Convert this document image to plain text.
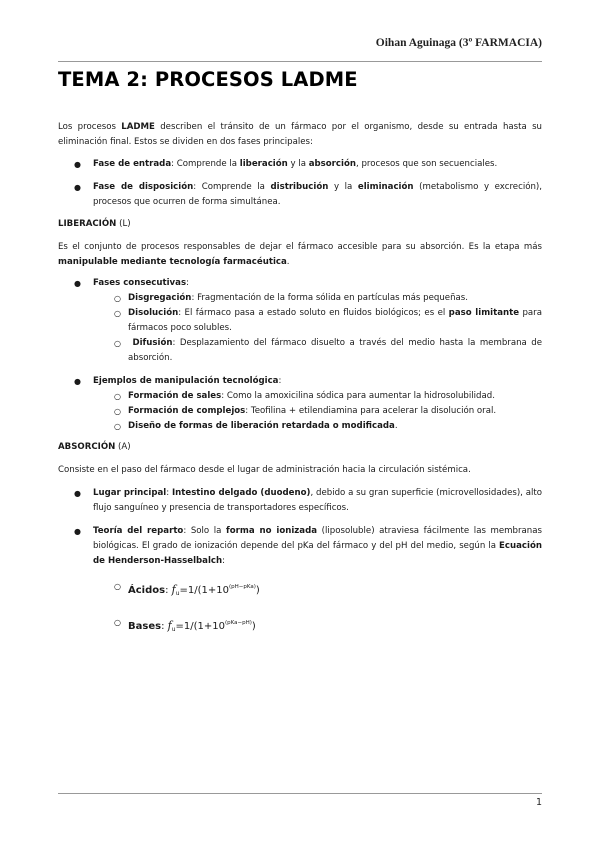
Oihan Aguinaga (3º FARMACIA)
TEMA 2: PROCESOS LADME

Los procesos LADME describen el tránsito de un fármaco por el organismo, desde su entrada hasta su eliminación final. Estos se dividen en dos fases principales:

● Fase de entrada: Comprende la liberación y la absorción, procesos que son secuenciales.
● Fase de disposición: Comprende la distribución y la eliminación (metabolismo y excreción), procesos que ocurren de forma simultánea.

LIBERACIÓN (L)

Es el conjunto de procesos responsables de dejar el fármaco accesible para su absorción. Es la etapa más manipulable mediante tecnología farmacéutica.

● Fases consecutivas:
○ Disgregación: Fragmentación de la forma sólida en partículas más pequeñas.
○ Disolución: El fármaco pasa a estado soluto en fluidos biológicos; es el paso limitante para fármacos poco solubles.
○ Difusión: Desplazamiento del fármaco disuelto a través del medio hasta la membrana de absorción.
● Ejemplos de manipulación tecnológica:
○ Formación de sales: Como la amoxicilina sódica para aumentar la hidrosolubilidad.
○ Formación de complejos: Teofilina + etilendiamina para acelerar la disolución oral.
○ Diseño de formas de liberación retardada o modificada.

ABSORCIÓN (A)

Consiste en el paso del fármaco desde el lugar de administración hacia la circulación sistémica.

● Lugar principal: Intestino delgado (duodeno), debido a su gran superficie (microvellosidades), alto flujo sanguíneo y presencia de transportadores específicos.
● Teoría del reparto: Solo la forma no ionizada (liposoluble) atraviesa fácilmente las membranas biológicas. El grado de ionización depende del pKa del fármaco y del pH del medio, según la Ecuación de Henderson-Hasselbalch:
○ Ácidos: $f_u=1/(1+10^{(pH-pKa)})$
○ Bases: $f_u=1/(1+10^{(pKa-pH)})$
1
